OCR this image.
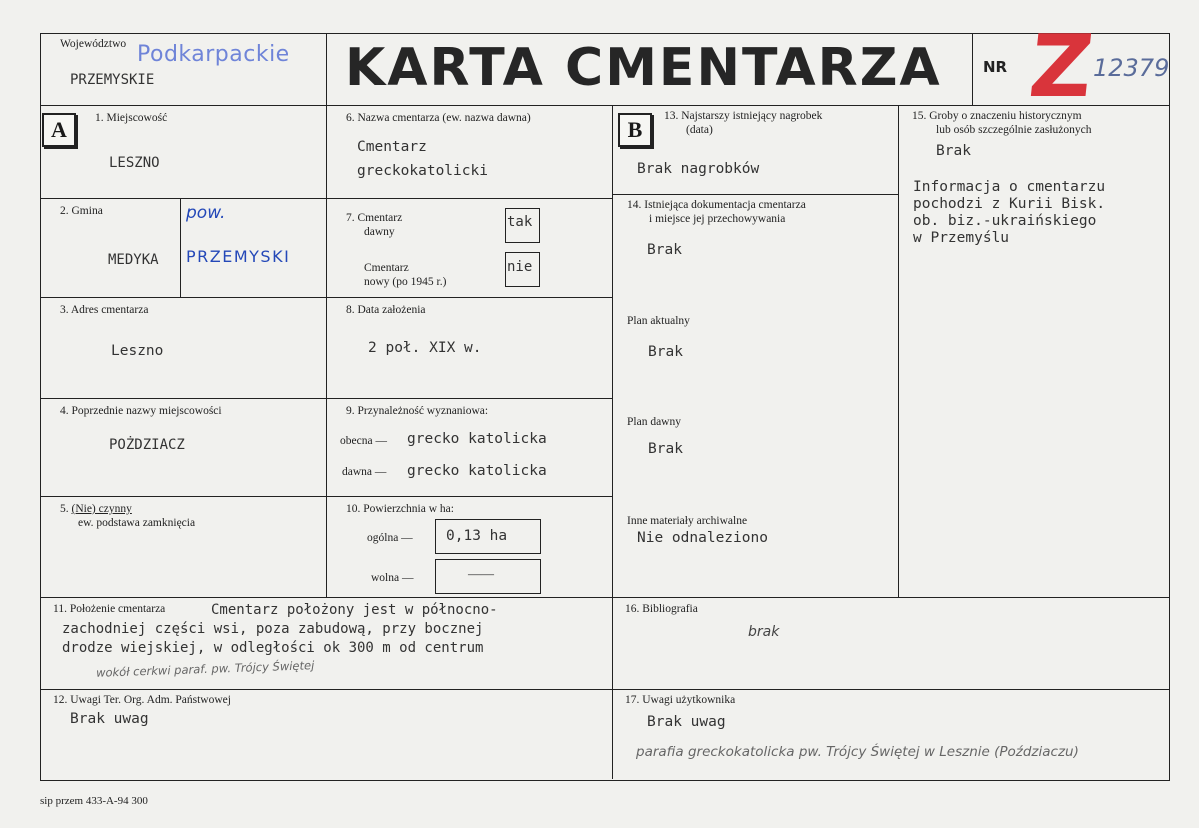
Województwo Podkarpackie
PRZEMYSKIE	KARTA CMENTARZA	NR Z
12379
A	1. Miejscowość
LESZNO
2. Gmina
MEDYKA
pow.
PRZEMYSKI
3. Adres cmentarza
Leszno
4. Poprzednie nazwy miejscowości
POŻDZIACZ
5. (Nie) czynny
ew. podstawa zamknięcia
6. Nazwa cmentarza (ew. nazwa dawna)
Cmentarz
greckokatolicki
7. Cmentarz
dawny
tak
Cmentarz
nowy (po 1945 r.)
nie
8. Data założenia
2 poł. XIX w.
9. Przynależność wyznaniowa:
obecna — grecko katolicka
dawna — grecko katolicka
10. Powierzchnia w ha:
ogólna — 0,13 ha
wolna —	——
B
13. Najstarszy istniejący nagrobek
(data)
Brak nagrobków
14. Istniejąca dokumentacja cmentarza
i miejsce jej przechowywania
Brak
Plan aktualny
Brak
Plan dawny
Brak
Inne materiały archiwalne
Nie odnaleziono
15. Groby o znaczeniu historycznym
lub osób szczególnie zasłużonych
Brak
Informacja o cmentarzu
pochodzi z Kurii Bisk.
ob. biz.-ukraińskiego
w Przemyślu
11. Położenie cmentarza	Cmentarz położony jest w północno-
zachodniej części wsi, poza zabudową, przy bocznej
drodze wiejskiej, w odległości ok 300 m od centrum
wokół cerkwi paraf. pw. Trójcy Świętej
12. Uwagi Ter. Org. Adm. Państwowej
Brak uwag
16. Bibliografia
brak
17. Uwagi użytkownika
Brak uwag
parafia greckokatolicka pw. Trójcy Świętej w Lesznie (Poździaczu)
sip przem 433-A-94 300
